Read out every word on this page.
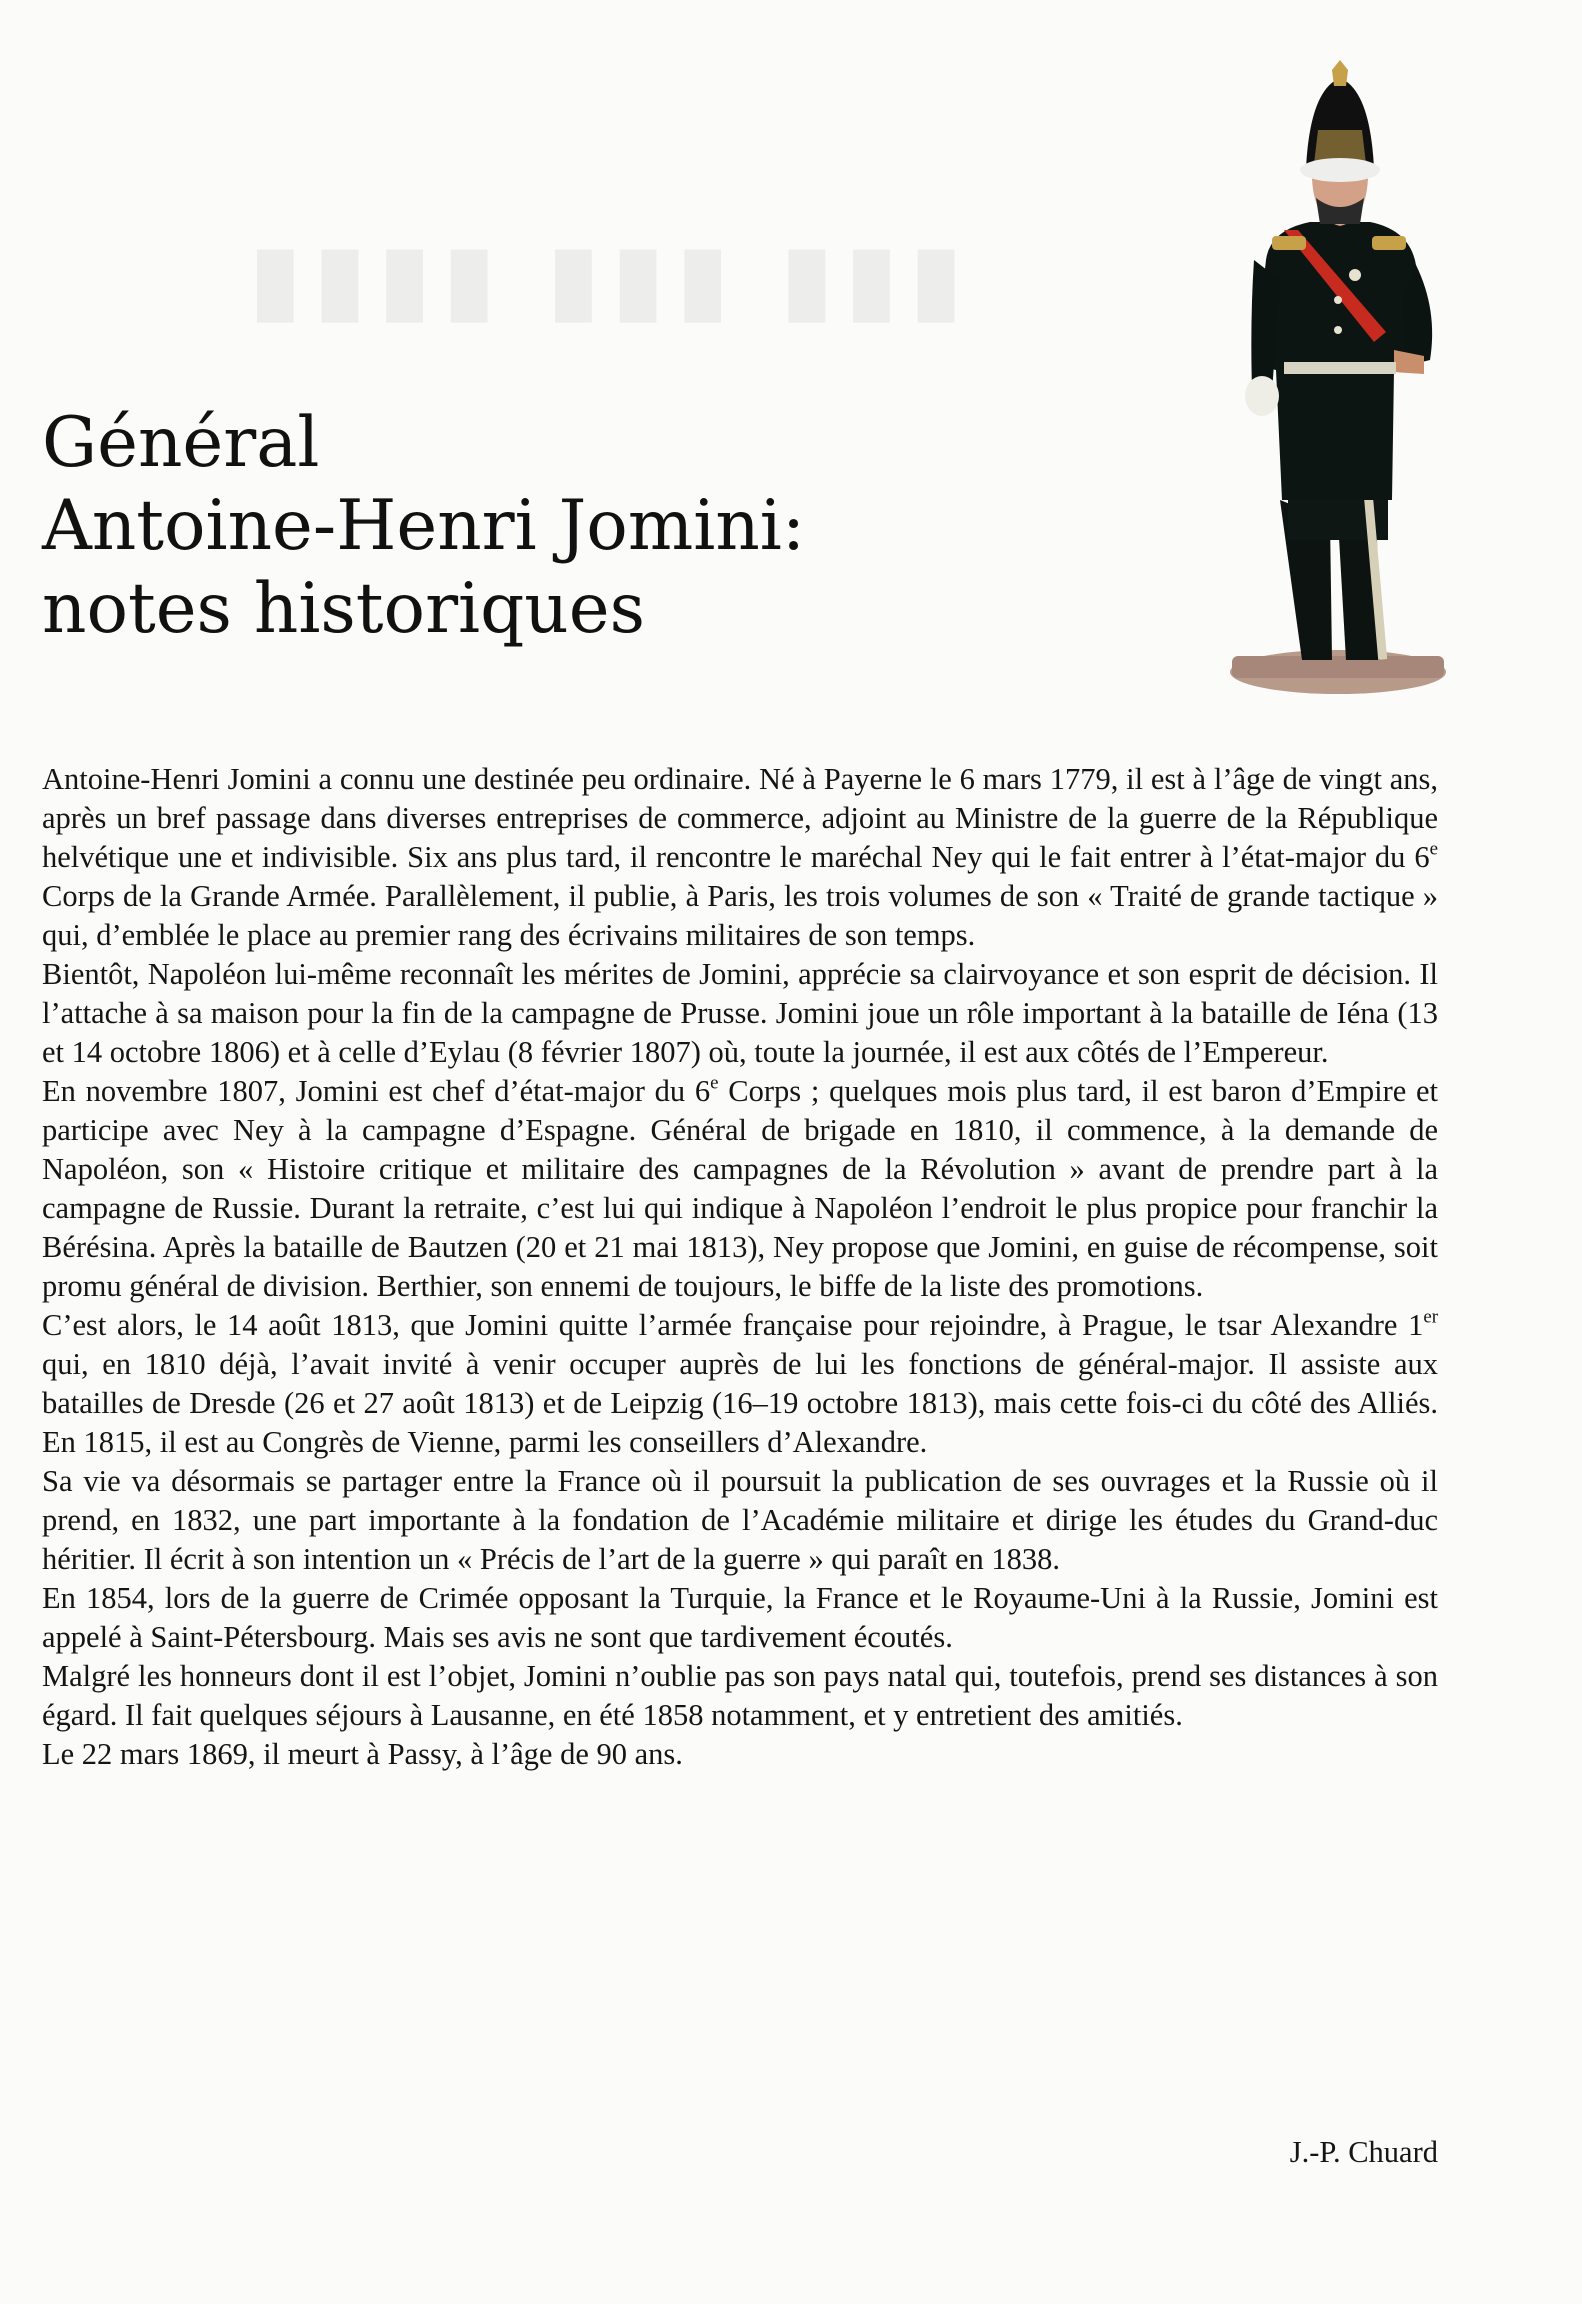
▮▮▮▮ ▮▮▮ ▮▮▮
Général
Antoine-Henri Jomini:
notes historiques

Antoine-Henri Jomini a connu une destinée peu ordinaire. Né à Payerne le 6 mars 1779, il est à l’âge de vingt ans, après un bref passage dans diverses entreprises de commerce, adjoint au Ministre de la guerre de la République helvétique une et indivisible. Six ans plus tard, il rencontre le maréchal Ney qui le fait entrer à l’état-major du 6e Corps de la Grande Armée. Parallèlement, il publie, à Paris, les trois volumes de son « Traité de grande tactique » qui, d’emblée le place au premier rang des écrivains militaires de son temps.

Bientôt, Napoléon lui-même reconnaît les mérites de Jomini, apprécie sa clairvoyance et son esprit de décision. Il l’attache à sa maison pour la fin de la campagne de Prusse. Jomini joue un rôle important à la bataille de Iéna (13 et 14 octobre 1806) et à celle d’Eylau (8 février 1807) où, toute la journée, il est aux côtés de l’Empereur.

En novembre 1807, Jomini est chef d’état-major du 6e Corps ; quelques mois plus tard, il est baron d’Empire et participe avec Ney à la campagne d’Espagne. Général de brigade en 1810, il commence, à la demande de Napoléon, son « Histoire critique et militaire des campagnes de la Révolution » avant de prendre part à la campagne de Russie. Durant la retraite, c’est lui qui indique à Napoléon l’endroit le plus propice pour franchir la Bérésina. Après la bataille de Bautzen (20 et 21 mai 1813), Ney propose que Jomini, en guise de récompense, soit promu général de division. Berthier, son ennemi de toujours, le biffe de la liste des promotions.

C’est alors, le 14 août 1813, que Jomini quitte l’armée française pour rejoindre, à Prague, le tsar Alexandre 1er qui, en 1810 déjà, l’avait invité à venir occuper auprès de lui les fonctions de général-major. Il assiste aux batailles de Dresde (26 et 27 août 1813) et de Leipzig (16–19 octobre 1813), mais cette fois-ci du côté des Alliés. En 1815, il est au Congrès de Vienne, parmi les conseillers d’Alexandre.

Sa vie va désormais se partager entre la France où il poursuit la publication de ses ouvrages et la Russie où il prend, en 1832, une part importante à la fondation de l’Académie militaire et dirige les études du Grand-duc héritier. Il écrit à son intention un « Précis de l’art de la guerre » qui paraît en 1838.

En 1854, lors de la guerre de Crimée opposant la Turquie, la France et le Royaume-Uni à la Russie, Jomini est appelé à Saint-Pétersbourg. Mais ses avis ne sont que tardivement écoutés.

Malgré les honneurs dont il est l’objet, Jomini n’oublie pas son pays natal qui, toutefois, prend ses distances à son égard. Il fait quelques séjours à Lausanne, en été 1858 notamment, et y entretient des amitiés.

Le 22 mars 1869, il meurt à Passy, à l’âge de 90 ans.

J.-P. Chuard
